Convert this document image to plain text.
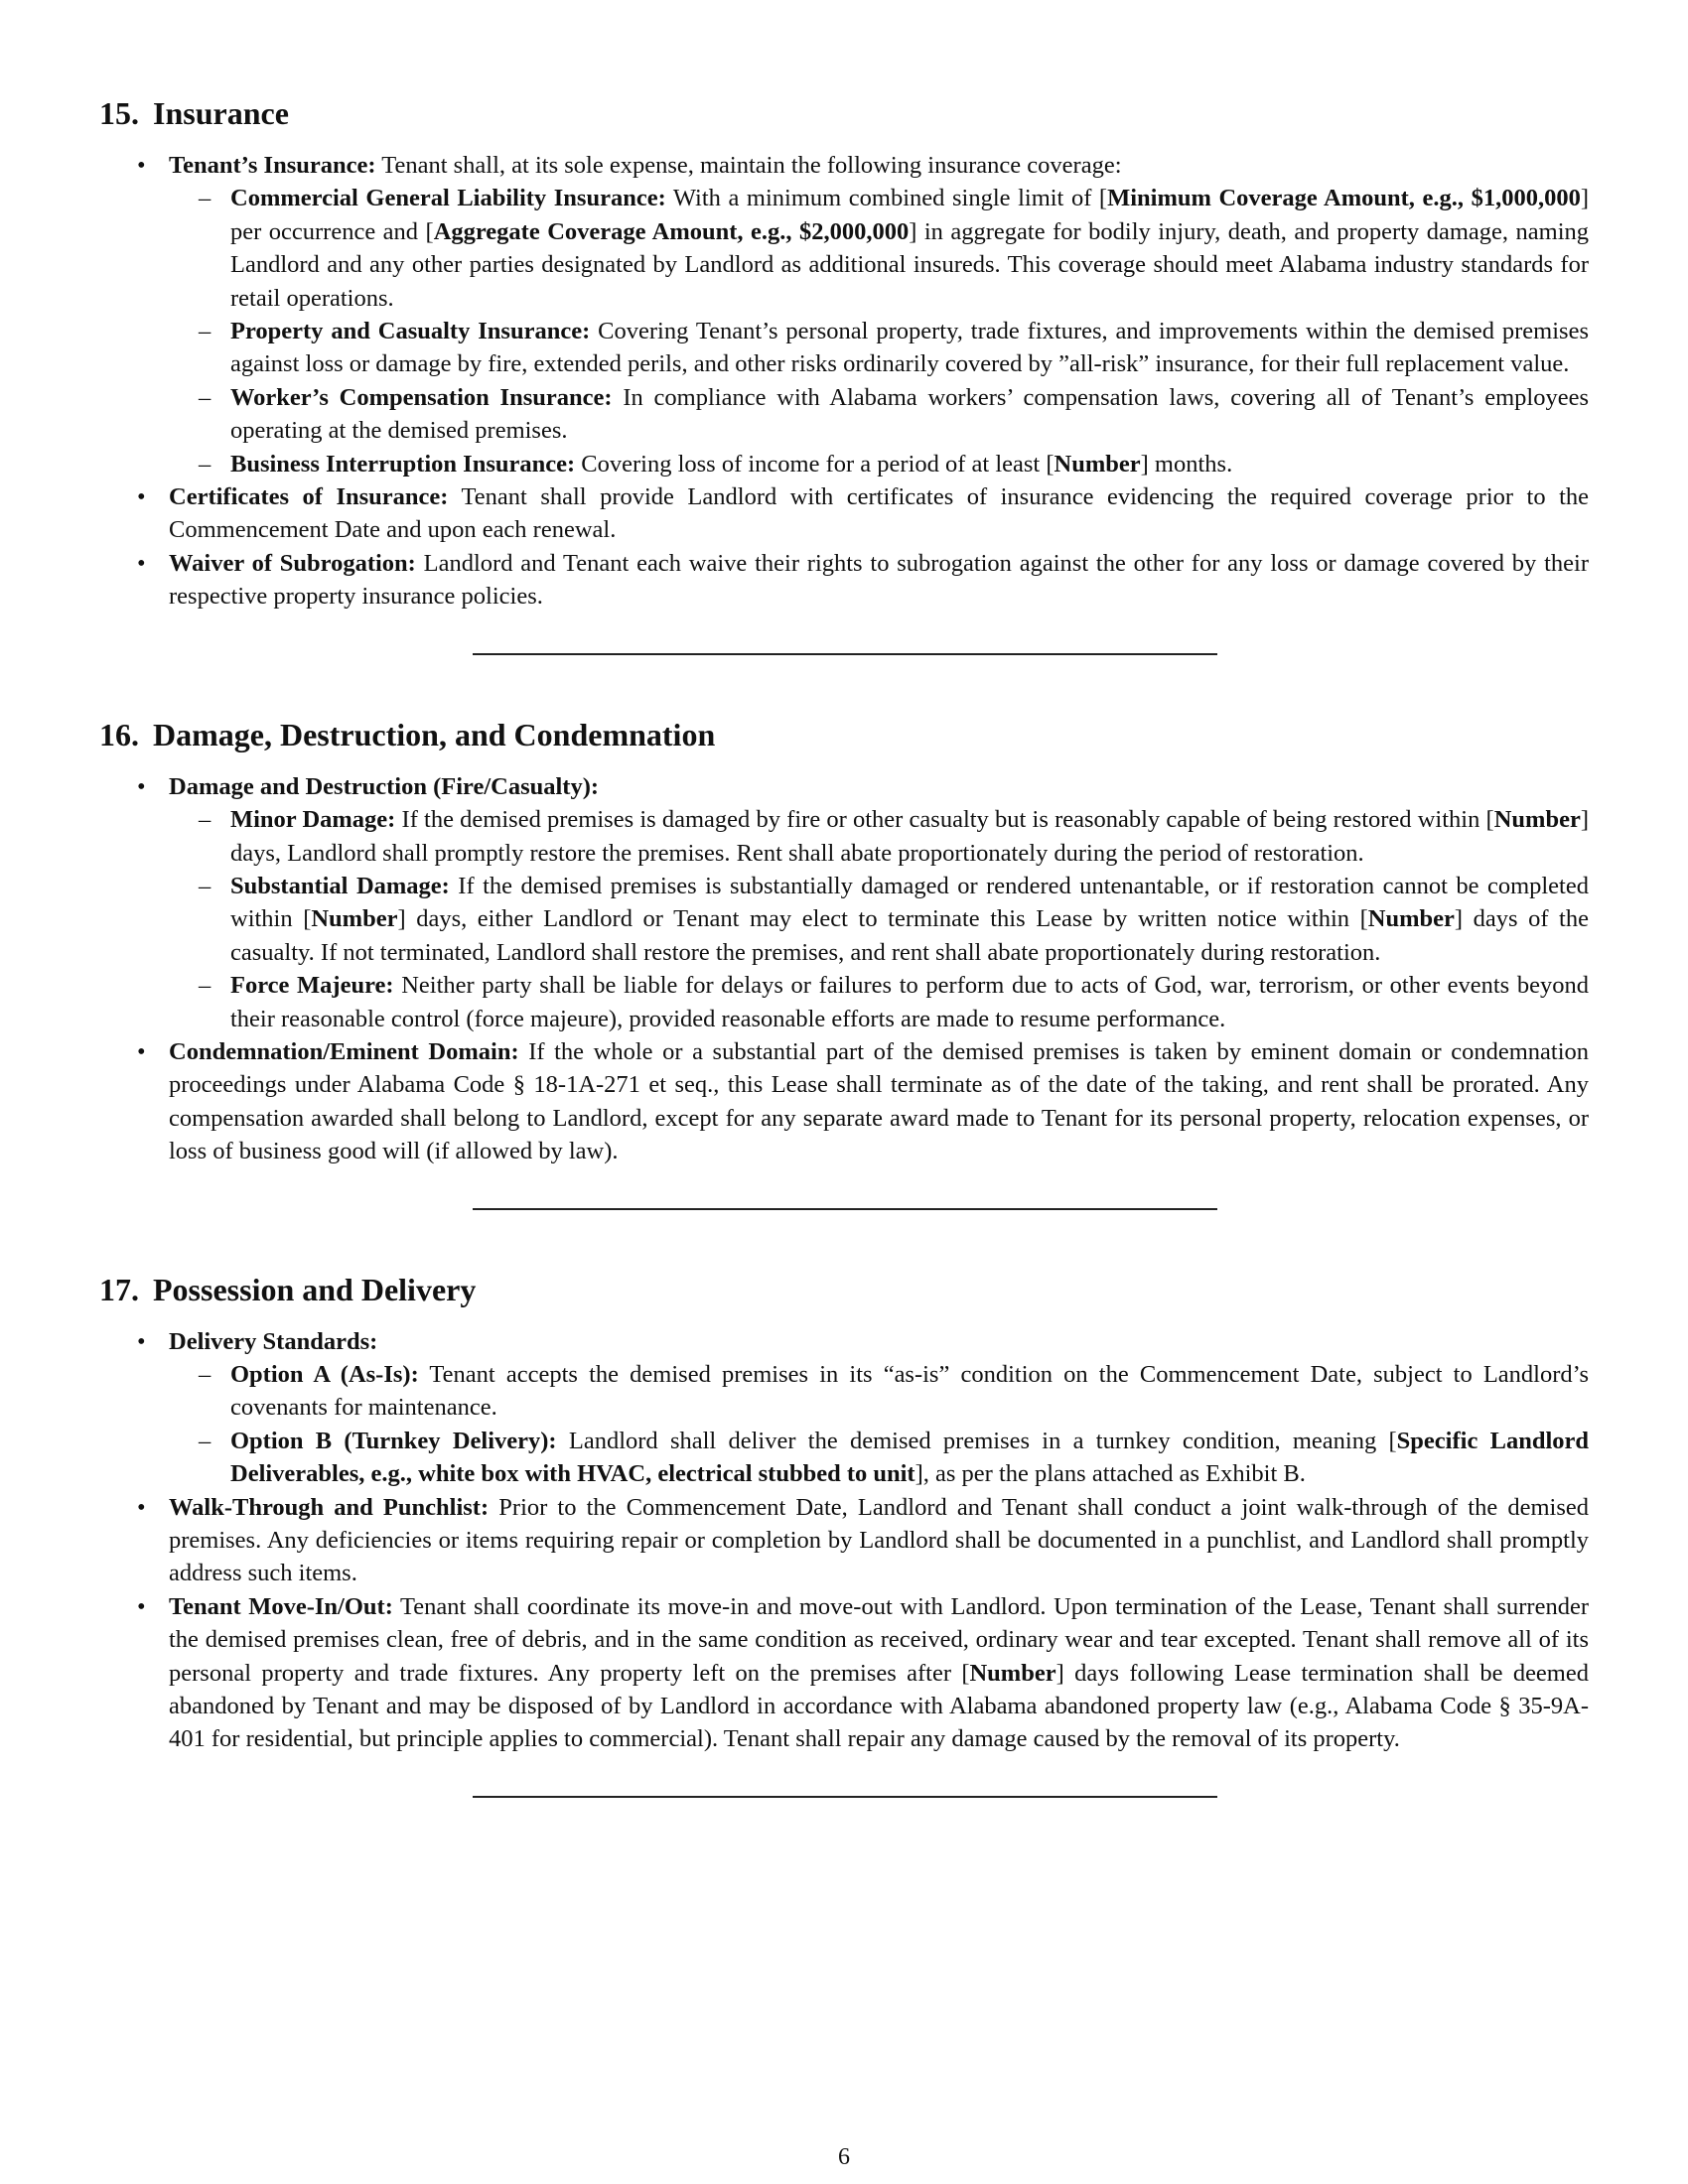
15. Insurance
• Tenant’s Insurance: Tenant shall, at its sole expense, maintain the following insurance coverage:
– Commercial General Liability Insurance: With a minimum combined single limit of [Minimum Coverage Amount, e.g., $1,000,000] per occurrence and [Aggregate Coverage Amount, e.g., $2,000,000] in aggregate for bodily injury, death, and property damage, naming Landlord and any other parties designated by Landlord as additional insureds. This coverage should meet Alabama industry standards for retail operations.
– Property and Casualty Insurance: Covering Tenant’s personal property, trade fixtures, and improvements within the demised premises against loss or damage by fire, extended perils, and other risks ordinarily covered by ”all-risk” insurance, for their full replacement value.
– Worker’s Compensation Insurance: In compliance with Alabama workers’ compensation laws, covering all of Tenant’s employees operating at the demised premises.
– Business Interruption Insurance: Covering loss of income for a period of at least [Number] months.
• Certificates of Insurance: Tenant shall provide Landlord with certificates of insurance evidencing the required coverage prior to the Commencement Date and upon each renewal.
• Waiver of Subrogation: Landlord and Tenant each waive their rights to subrogation against the other for any loss or damage covered by their respective property insurance policies.
16. Damage, Destruction, and Condemnation
• Damage and Destruction (Fire/Casualty):
– Minor Damage: If the demised premises is damaged by fire or other casualty but is reasonably capable of being restored within [Number] days, Landlord shall promptly restore the premises. Rent shall abate proportionately during the period of restoration.
– Substantial Damage: If the demised premises is substantially damaged or rendered untenantable, or if restoration cannot be completed within [Number] days, either Landlord or Tenant may elect to terminate this Lease by written notice within [Number] days of the casualty. If not terminated, Landlord shall restore the premises, and rent shall abate proportionately during restoration.
– Force Majeure: Neither party shall be liable for delays or failures to perform due to acts of God, war, terrorism, or other events beyond their reasonable control (force majeure), provided reasonable efforts are made to resume performance.
• Condemnation/Eminent Domain: If the whole or a substantial part of the demised premises is taken by eminent domain or condemnation proceedings under Alabama Code § 18-1A-271 et seq., this Lease shall terminate as of the date of the taking, and rent shall be prorated. Any compensation awarded shall belong to Landlord, except for any separate award made to Tenant for its personal property, relocation expenses, or loss of business good will (if allowed by law).
17. Possession and Delivery
• Delivery Standards:
– Option A (As-Is): Tenant accepts the demised premises in its “as-is” condition on the Commencement Date, subject to Landlord’s covenants for maintenance.
– Option B (Turnkey Delivery): Landlord shall deliver the demised premises in a turnkey condition, meaning [Specific Landlord Deliverables, e.g., white box with HVAC, electrical stubbed to unit], as per the plans attached as Exhibit B.
• Walk-Through and Punchlist: Prior to the Commencement Date, Landlord and Tenant shall conduct a joint walk-through of the demised premises. Any deficiencies or items requiring repair or completion by Landlord shall be documented in a punchlist, and Landlord shall promptly address such items.
• Tenant Move-In/Out: Tenant shall coordinate its move-in and move-out with Landlord. Upon termination of the Lease, Tenant shall surrender the demised premises clean, free of debris, and in the same condition as received, ordinary wear and tear excepted. Tenant shall remove all of its personal property and trade fixtures. Any property left on the premises after [Number] days following Lease termination shall be deemed abandoned by Tenant and may be disposed of by Landlord in accordance with Alabama abandoned property law (e.g., Alabama Code § 35-9A-401 for residential, but principle applies to commercial). Tenant shall repair any damage caused by the removal of its property.
6
